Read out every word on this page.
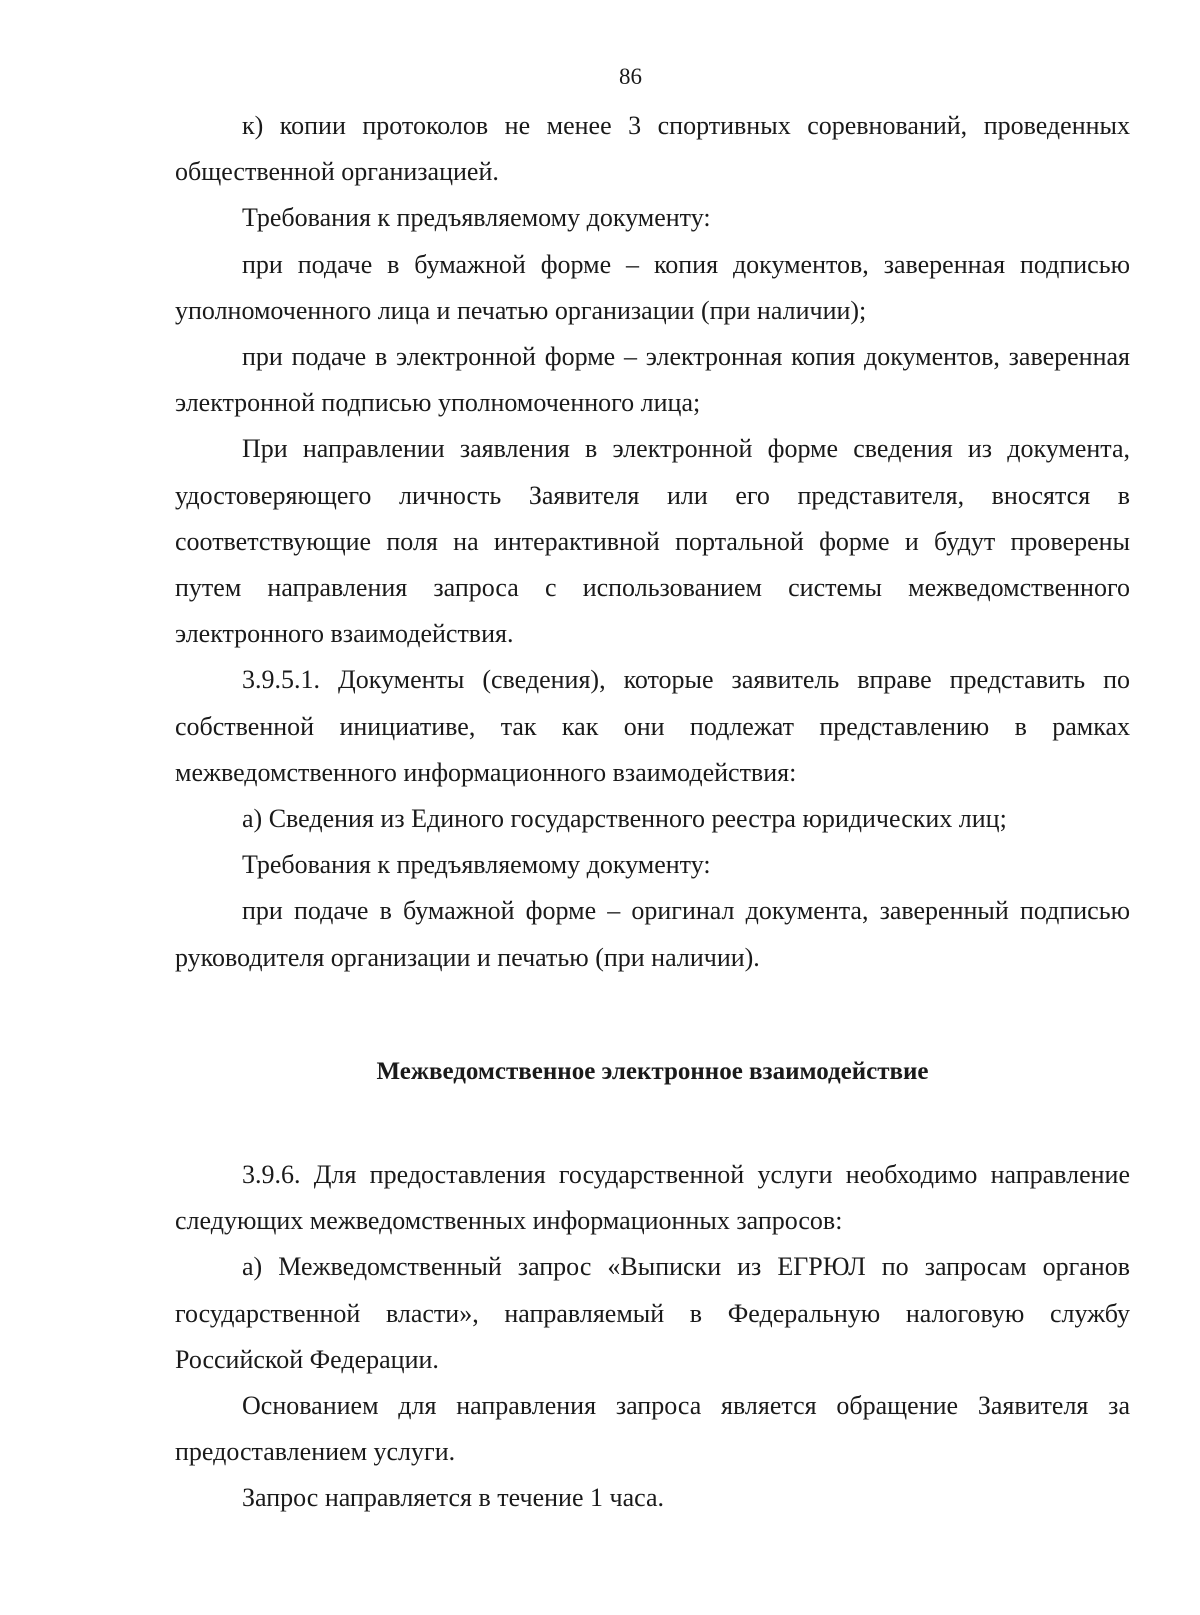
86

к) копии протоколов не менее 3 спортивных соревнований, проведенных общественной организацией.

Требования к предъявляемому документу:

при подаче в бумажной форме – копия документов, заверенная подписью уполномоченного лица и печатью организации (при наличии);

при подаче в электронной форме – электронная копия документов, заверенная электронной подписью уполномоченного лица;

При направлении заявления в электронной форме сведения из документа, удостоверяющего личность Заявителя или его представителя, вносятся в соответствующие поля на интерактивной портальной форме и будут проверены путем направления запроса с использованием системы межведомственного электронного взаимодействия.

3.9.5.1. Документы (сведения), которые заявитель вправе представить по собственной инициативе, так как они подлежат представлению в рамках межведомственного информационного взаимодействия:

а) Сведения из Единого государственного реестра юридических лиц;

Требования к предъявляемому документу:

при подаче в бумажной форме – оригинал документа, заверенный подписью руководителя организации и печатью (при наличии).

Межведомственное электронное взаимодействие

3.9.6. Для предоставления государственной услуги необходимо направление следующих межведомственных информационных запросов:

а) Межведомственный запрос «Выписки из ЕГРЮЛ по запросам органов государственной власти», направляемый в Федеральную налоговую службу Российской Федерации.

Основанием для направления запроса является обращение Заявителя за предоставлением услуги.

Запрос направляется в течение 1 часа.
